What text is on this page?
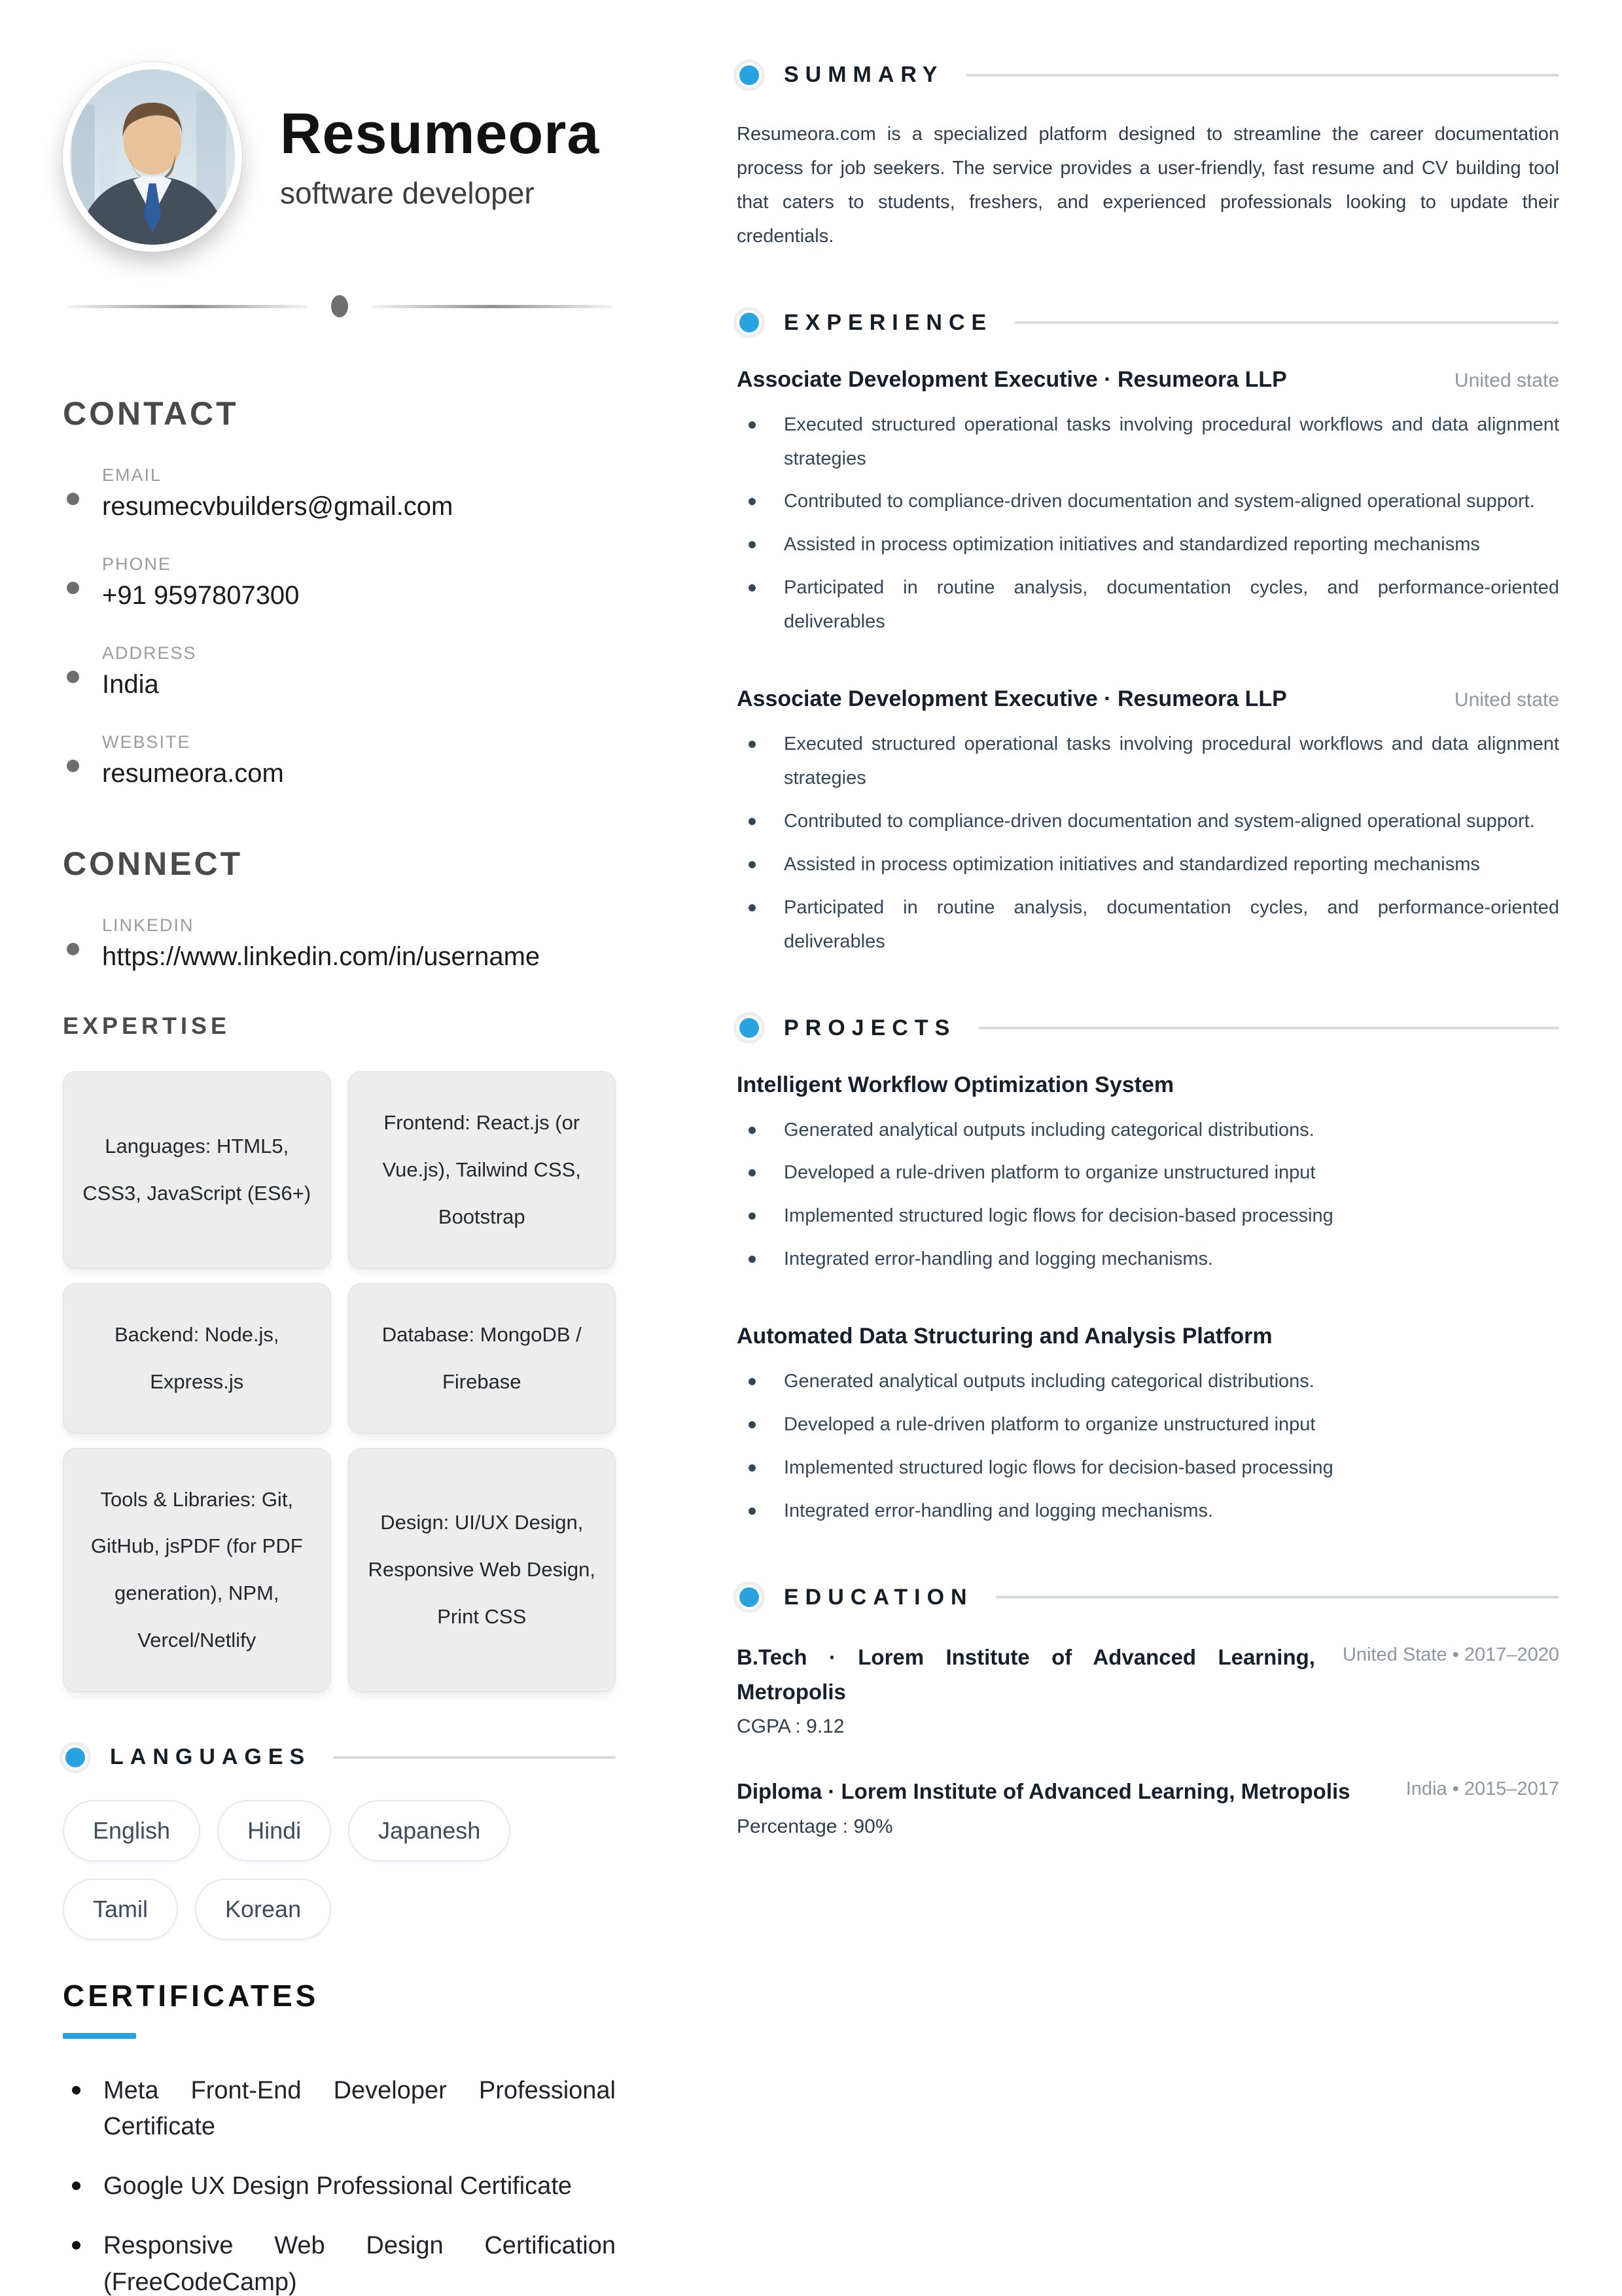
Resumeora
software developer
CONTACT
EMAIL
resumecvbuilders@gmail.com
PHONE
+91 9597807300
ADDRESS
India
WEBSITE
resumeora.com
CONNECT
LINKEDIN
https://www.linkedin.com/in/username
EXPERTISE
Languages: HTML5, CSS3, JavaScript (ES6+)
Frontend: React.js (or Vue.js), Tailwind CSS, Bootstrap
Backend: Node.js, Express.js
Database: MongoDB / Firebase
Tools & Libraries: Git, GitHub, jsPDF (for PDF generation), NPM, Vercel/Netlify
Design: UI/UX Design, Responsive Web Design, Print CSS
LANGUAGES
English	Hindi	Japanesh
Tamil	Korean
CERTIFICATES
Meta Front-End Developer Professional Certificate
Google UX Design Professional Certificate
Responsive Web Design Certification (FreeCodeCamp)
SUMMARY
Resumeora.com is a specialized platform designed to streamline the career documentation process for job seekers. The service provides a user-friendly, fast resume and CV building tool that caters to students, freshers, and experienced professionals looking to update their credentials.
EXPERIENCE
Associate Development Executive · Resumeora LLP	United state
Executed structured operational tasks involving procedural workflows and data alignment strategies
Contributed to compliance-driven documentation and system-aligned operational support.
Assisted in process optimization initiatives and standardized reporting mechanisms
Participated in routine analysis, documentation cycles, and performance-oriented deliverables
Associate Development Executive · Resumeora LLP	United state
Executed structured operational tasks involving procedural workflows and data alignment strategies
Contributed to compliance-driven documentation and system-aligned operational support.
Assisted in process optimization initiatives and standardized reporting mechanisms
Participated in routine analysis, documentation cycles, and performance-oriented deliverables
PROJECTS
Intelligent Workflow Optimization System
Generated analytical outputs including categorical distributions.
Developed a rule-driven platform to organize unstructured input
Implemented structured logic flows for decision-based processing
Integrated error-handling and logging mechanisms.
Automated Data Structuring and Analysis Platform
Generated analytical outputs including categorical distributions.
Developed a rule-driven platform to organize unstructured input
Implemented structured logic flows for decision-based processing
Integrated error-handling and logging mechanisms.
EDUCATION
B.Tech · Lorem Institute of Advanced Learning, Metropolis
United State • 2017–2020
CGPA : 9.12
Diploma · Lorem Institute of Advanced Learning, Metropolis	India • 2015–2017
Percentage : 90%
